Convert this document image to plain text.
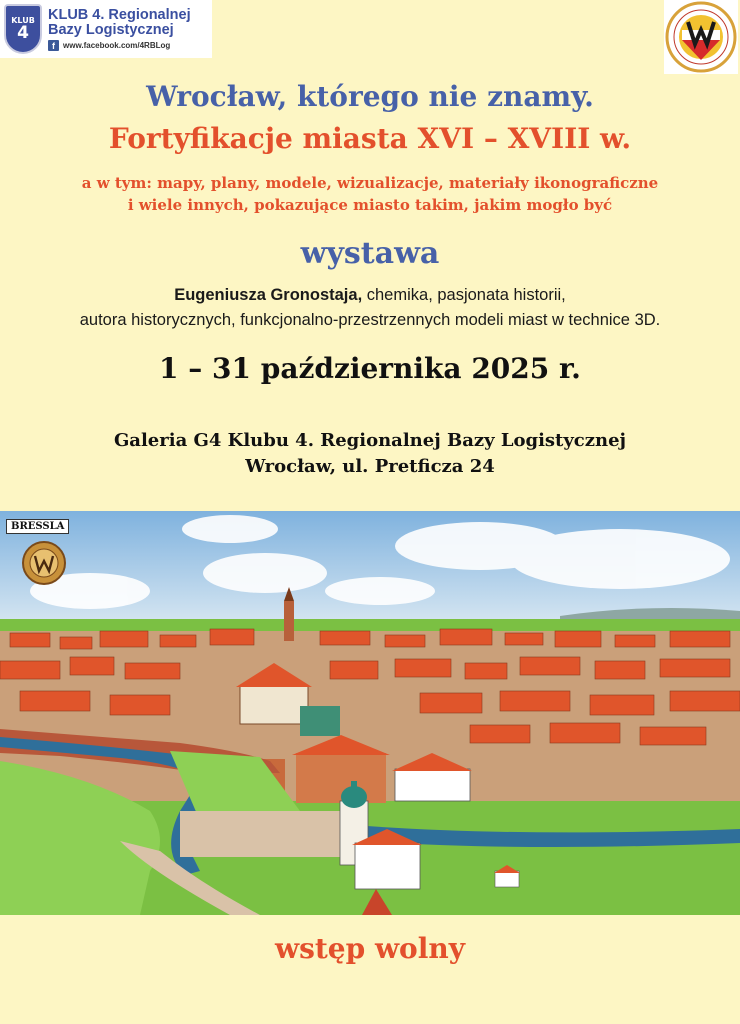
KLUB
4
KLUB 4. Regionalnej
Bazy Logistycznej
f	www.facebook.com/4RBLog
Wrocław, którego nie znamy.
Fortyfikacje miasta XVI – XVIII w.
a w tym: mapy, plany, modele, wizualizacje, materiały ikonograficzne
i wiele innych, pokazujące miasto takim, jakim mogło być
wystawa
Eugeniusza Gronostaja, chemika, pasjonata historii,
autora historycznych, funkcjonalno-przestrzennych modeli miast w technice 3D.
1 – 31 października 2025 r.
Galeria G4 Klubu 4. Regionalnej Bazy Logistycznej
Wrocław, ul. Pretficza 24
BRESSLA
wstęp wolny
